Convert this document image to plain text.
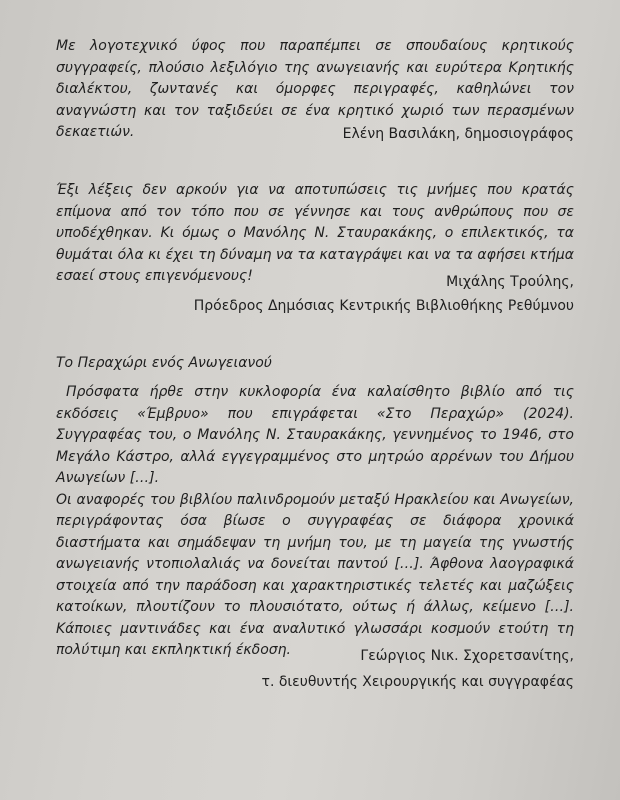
Με λογοτεχνικό ύφος που παραπέμπει σε σπουδαίους κρητικούς συγγραφείς, πλούσιο λεξιλόγιο της ανωγειανής και ευρύτερα Κρητικής διαλέκτου, ζωντανές και όμορφες περιγραφές, καθηλώνει τον αναγνώστη και τον ταξιδεύει σε ένα κρητικό χωριό των περασμένων δεκαετιών.	Ελένη Βασιλάκη, δημοσιογράφος

Έξι λέξεις δεν αρκούν για να αποτυπώσεις τις μνήμες που κρατάς επίμονα από τον τόπο που σε γέννησε και τους ανθρώπους που σε υποδέχθηκαν. Κι όμως ο Μανόλης Ν. Σταυρακάκης, ο επιλεκτικός, τα θυμάται όλα κι έχει τη δύναμη να τα καταγράψει και να τα αφήσει κτήμα εσαεί στους επιγενόμενους!	Μιχάλης Τρούλης,

Πρόεδρος Δημόσιας Κεντρικής Βιβλιοθήκης Ρεθύμνου

Το Περαχώρι ενός Ανωγειανού

Πρόσφατα ήρθε στην κυκλοφορία ένα καλαίσθητο βιβλίο από τις εκδόσεις «Έμβρυο» που επιγράφεται «Στο Περαχώρ» (2024). Συγγραφέας του, ο Μανόλης Ν. Σταυρακάκης, γεννημένος το 1946, στο Μεγάλο Κάστρο, αλλά εγγεγραμμένος στο μητρώο αρρένων του Δήμου Ανωγείων […].

Οι αναφορές του βιβλίου παλινδρομούν μεταξύ Ηρακλείου και Ανωγείων, περιγράφοντας όσα βίωσε ο συγγραφέας σε διάφορα χρονικά διαστήματα και σημάδεψαν τη μνήμη του, με τη μαγεία της γνωστής ανωγειανής ντοπιολαλιάς να δονείται παντού […]. Άφθονα λαογραφικά στοιχεία από την παράδοση και χαρακτηριστικές τελετές και μαζώξεις κατοίκων, πλουτίζουν το πλουσιότατο, ούτως ή άλλως, κείμενο […]. Κάποιες μαντινάδες και ένα αναλυτικό γλωσσάρι κοσμούν ετούτη τη πολύτιμη και εκπληκτική έκδοση.	Γεώργιος Νικ. Σχορετσανίτης,

τ. διευθυντής Χειρουργικής και συγγραφέας
